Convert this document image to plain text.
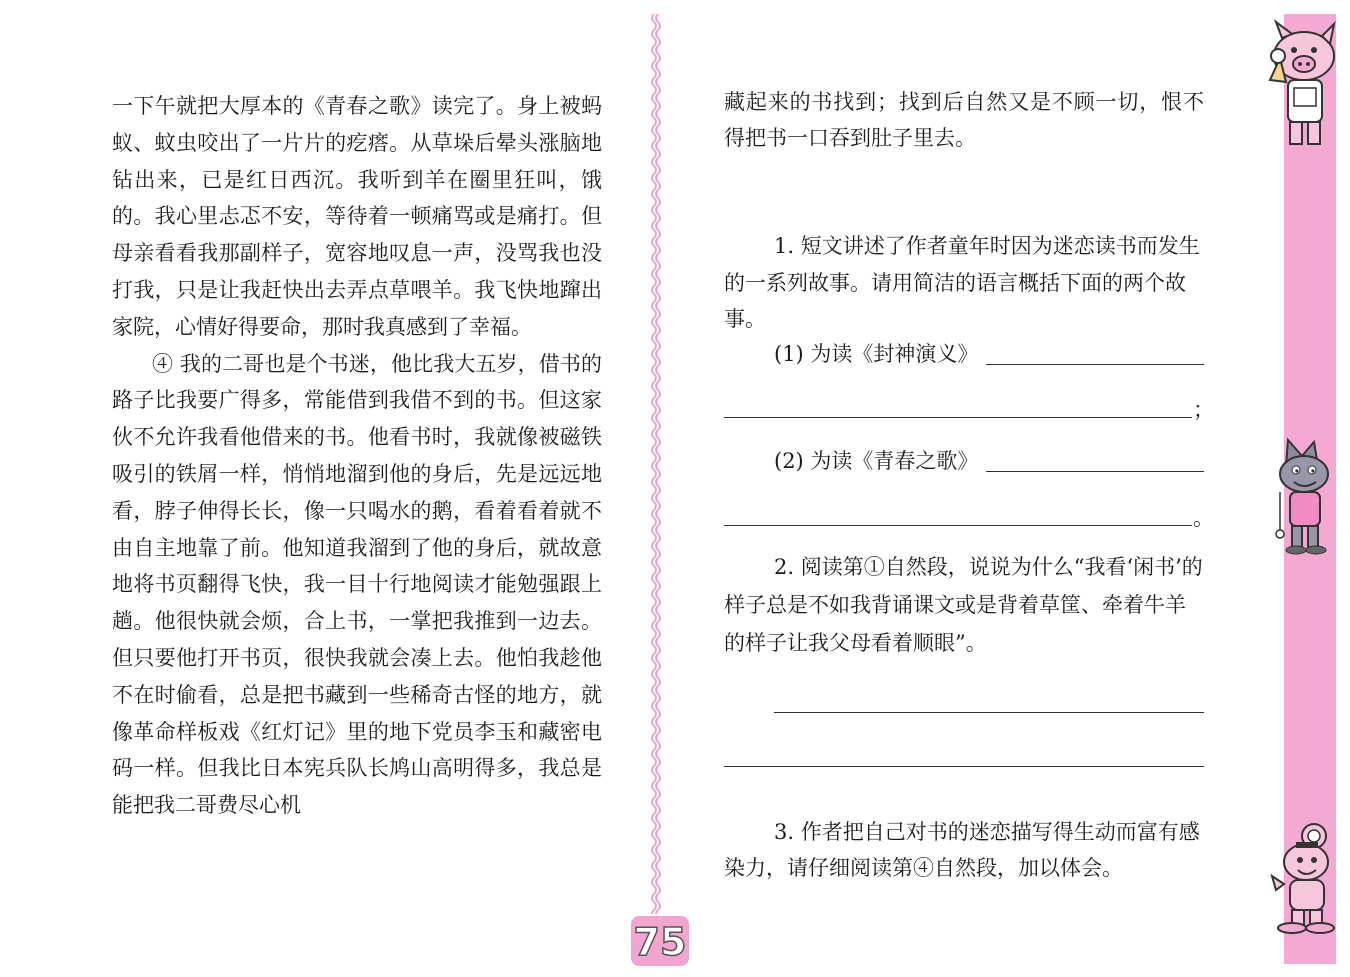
一下午就把大厚本的《青春之歌》读完了。身上被蚂蚁、蚊虫咬出了一片片的疙瘩。从草垛后晕头涨脑地钻出来，已是红日西沉。我听到羊在圈里狂叫，饿的。我心里忐忑不安，等待着一顿痛骂或是痛打。但母亲看看我那副样子，宽容地叹息一声，没骂我也没打我，只是让我赶快出去弄点草喂羊。我飞快地蹿出家院，心情好得要命，那时我真感到了幸福。

④ 我的二哥也是个书迷，他比我大五岁，借书的路子比我要广得多，常能借到我借不到的书。但这家伙不允许我看他借来的书。他看书时，我就像被磁铁吸引的铁屑一样，悄悄地溜到他的身后，先是远远地看，脖子伸得长长，像一只喝水的鹅，看着看着就不由自主地靠了前。他知道我溜到了他的身后，就故意地将书页翻得飞快，我一目十行地阅读才能勉强跟上趟。他很快就会烦，合上书，一掌把我推到一边去。但只要他打开书页，很快我就会凑上去。他怕我趁他不在时偷看，总是把书藏到一些稀奇古怪的地方，就像革命样板戏《红灯记》里的地下党员李玉和藏密电码一样。但我比日本宪兵队长鸠山高明得多，我总是能把我二哥费尽心机

75

藏起来的书找到；找到后自然又是不顾一切，恨不得把书一口吞到肚子里去。

1. 短文讲述了作者童年时因为迷恋读书而发生的一系列故事。请用简洁的语言概括下面的两个故事。
(1) 为读《封神演义》
；
(2) 为读《青春之歌》
。
2. 阅读第①自然段，说说为什么“我看‘闲书’的样子总是不如我背诵课文或是背着草筐、牵着牛羊的样子让我父母看着顺眼”。
3. 作者把自己对书的迷恋描写得生动而富有感染力，请仔细阅读第④自然段，加以体会。
